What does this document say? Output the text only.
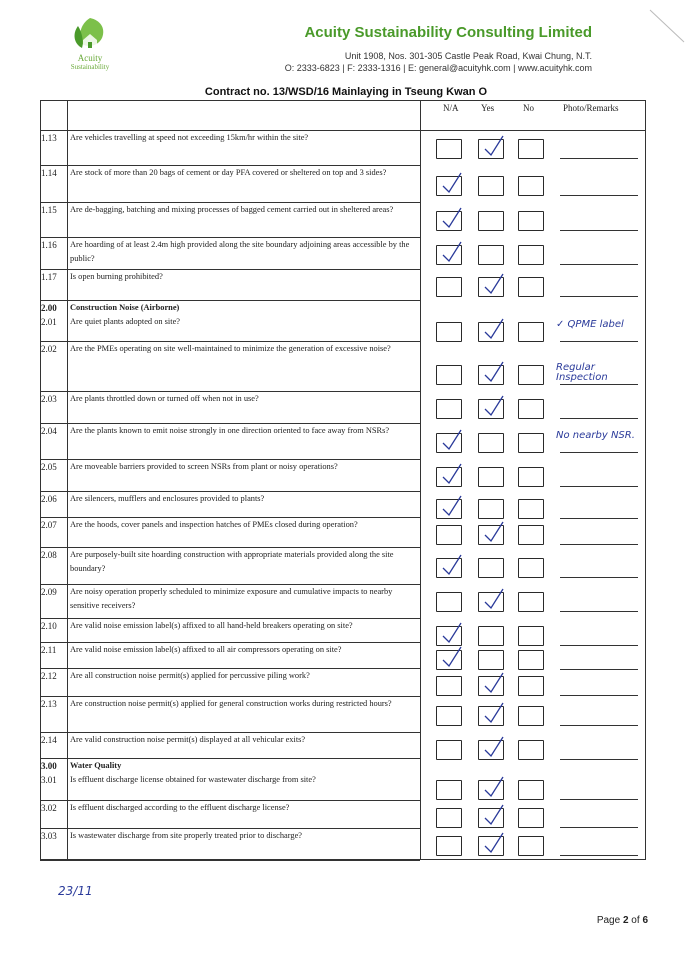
Acuity
Sustainability
Acuity Sustainability Consulting Limited
Unit 1908, Nos. 301-305 Castle Peak Road, Kwai Chung, N.T.
O: 2333-6823 | F: 2333-1316 | E: general@acuityhk.com | www.acuityhk.com
Contract no. 13/WSD/16 Mainlaying in Tseung Kwan O
N/A	Yes	No	Photo/Remarks
1.13	Are vehicles travelling at speed not exceeding 15km/hr within the site?
1.14	Are stock of more than 20 bags of cement or day PFA covered or sheltered on top and 3 sides?
1.15	Are de-bagging, batching and mixing processes of bagged cement carried out in sheltered areas?
1.16	Are hoarding of at least 2.4m high provided along the site boundary adjoining areas accessible by the public?
1.17	Is open burning prohibited?
2.00	Construction Noise (Airborne)
2.01	Are quiet plants adopted on site?	✓ QPME label
2.02	Are the PMEs operating on site well-maintained to minimize the generation of excessive noise?
Regular Inspection
2.03	Are plants throttled down or turned off when not in use?
2.04	Are the plants known to emit noise strongly in one direction oriented to face away from NSRs?	No nearby NSR.
2.05	Are moveable barriers provided to screen NSRs from plant or noisy operations?
2.06	Are silencers, mufflers and enclosures provided to plants?
2.07	Are the hoods, cover panels and inspection hatches of PMEs closed during operation?
2.08	Are purposely-built site hoarding construction with appropriate materials provided along the site boundary?
2.09	Are noisy operation properly scheduled to minimize exposure and cumulative impacts to nearby sensitive receivers?
2.10	Are valid noise emission label(s) affixed to all hand-held breakers operating on site?
2.11	Are valid noise emission label(s) affixed to all air compressors operating on site?
2.12	Are all construction noise permit(s) applied for percussive piling work?
2.13	Are construction noise permit(s) applied for general construction works during restricted hours?
2.14	Are valid construction noise permit(s) displayed at all vehicular exits?
3.00	Water Quality
3.01	Is effluent discharge license obtained for wastewater discharge from site?
3.02	Is effluent discharged according to the effluent discharge license?
3.03	Is wastewater discharge from site properly treated prior to discharge?
23/11
Page 2 of 6
